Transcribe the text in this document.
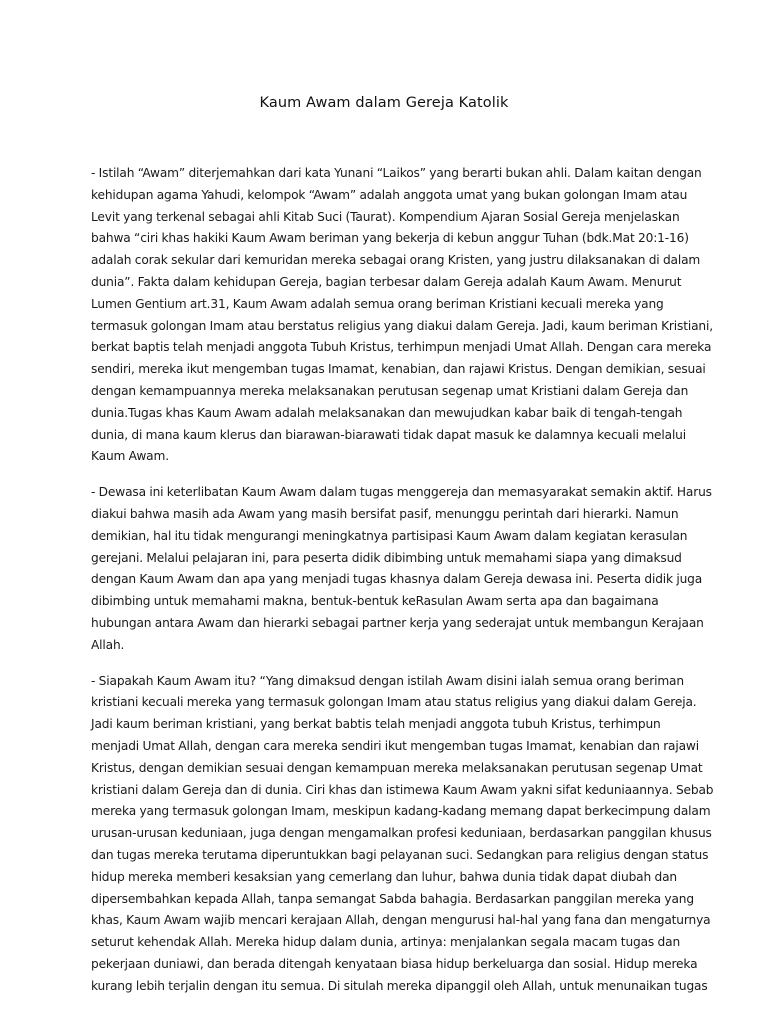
Kaum Awam dalam Gereja Katolik

- Istilah “Awam” diterjemahkan dari kata Yunani “Laikos” yang berarti bukan ahli. Dalam kaitan dengan
kehidupan agama Yahudi, kelompok “Awam” adalah anggota umat yang bukan golongan Imam atau
Levit yang terkenal sebagai ahli Kitab Suci (Taurat). Kompendium Ajaran Sosial Gereja menjelaskan
bahwa “ciri khas hakiki Kaum Awam beriman yang bekerja di kebun anggur Tuhan (bdk.Mat 20:1-16)
adalah corak sekular dari kemuridan mereka sebagai orang Kristen, yang justru dilaksanakan di dalam
dunia”. Fakta dalam kehidupan Gereja, bagian terbesar dalam Gereja adalah Kaum Awam. Menurut
Lumen Gentium art.31, Kaum Awam adalah semua orang beriman Kristiani kecuali mereka yang
termasuk golongan Imam atau berstatus religius yang diakui dalam Gereja. Jadi, kaum beriman Kristiani,
berkat baptis telah menjadi anggota Tubuh Kristus, terhimpun menjadi Umat Allah. Dengan cara mereka
sendiri, mereka ikut mengemban tugas Imamat, kenabian, dan rajawi Kristus. Dengan demikian, sesuai
dengan kemampuannya mereka melaksanakan perutusan segenap umat Kristiani dalam Gereja dan
dunia.Tugas khas Kaum Awam adalah melaksanakan dan mewujudkan kabar baik di tengah-tengah
dunia, di mana kaum klerus dan biarawan-biarawati tidak dapat masuk ke dalamnya kecuali melalui
Kaum Awam.

- Dewasa ini keterlibatan Kaum Awam dalam tugas menggereja dan memasyarakat semakin aktif. Harus
diakui bahwa masih ada Awam yang masih bersifat pasif, menunggu perintah dari hierarki. Namun
demikian, hal itu tidak mengurangi meningkatnya partisipasi Kaum Awam dalam kegiatan kerasulan
gerejani. Melalui pelajaran ini, para peserta didik dibimbing untuk memahami siapa yang dimaksud
dengan Kaum Awam dan apa yang menjadi tugas khasnya dalam Gereja dewasa ini. Peserta didik juga
dibimbing untuk memahami makna, bentuk-bentuk keRasulan Awam serta apa dan bagaimana
hubungan antara Awam dan hierarki sebagai partner kerja yang sederajat untuk membangun Kerajaan
Allah.

- Siapakah Kaum Awam itu? “Yang dimaksud dengan istilah Awam disini ialah semua orang beriman
kristiani kecuali mereka yang termasuk golongan Imam atau status religius yang diakui dalam Gereja.
Jadi kaum beriman kristiani, yang berkat babtis telah menjadi anggota tubuh Kristus, terhimpun
menjadi Umat Allah, dengan cara mereka sendiri ikut mengemban tugas Imamat, kenabian dan rajawi
Kristus, dengan demikian sesuai dengan kemampuan mereka melaksanakan perutusan segenap Umat
kristiani dalam Gereja dan di dunia. Ciri khas dan istimewa Kaum Awam yakni sifat keduniaannya. Sebab
mereka yang termasuk golongan Imam, meskipun kadang-kadang memang dapat berkecimpung dalam
urusan-urusan keduniaan, juga dengan mengamalkan profesi keduniaan, berdasarkan panggilan khusus
dan tugas mereka terutama diperuntukkan bagi pelayanan suci. Sedangkan para religius dengan status
hidup mereka memberi kesaksian yang cemerlang dan luhur, bahwa dunia tidak dapat diubah dan
dipersembahkan kepada Allah, tanpa semangat Sabda bahagia. Berdasarkan panggilan mereka yang
khas, Kaum Awam wajib mencari kerajaan Allah, dengan mengurusi hal-hal yang fana dan mengaturnya
seturut kehendak Allah. Mereka hidup dalam dunia, artinya: menjalankan segala macam tugas dan
pekerjaan duniawi, dan berada ditengah kenyataan biasa hidup berkeluarga dan sosial. Hidup mereka
kurang lebih terjalin dengan itu semua. Di situlah mereka dipanggil oleh Allah, untuk menunaikan tugas
